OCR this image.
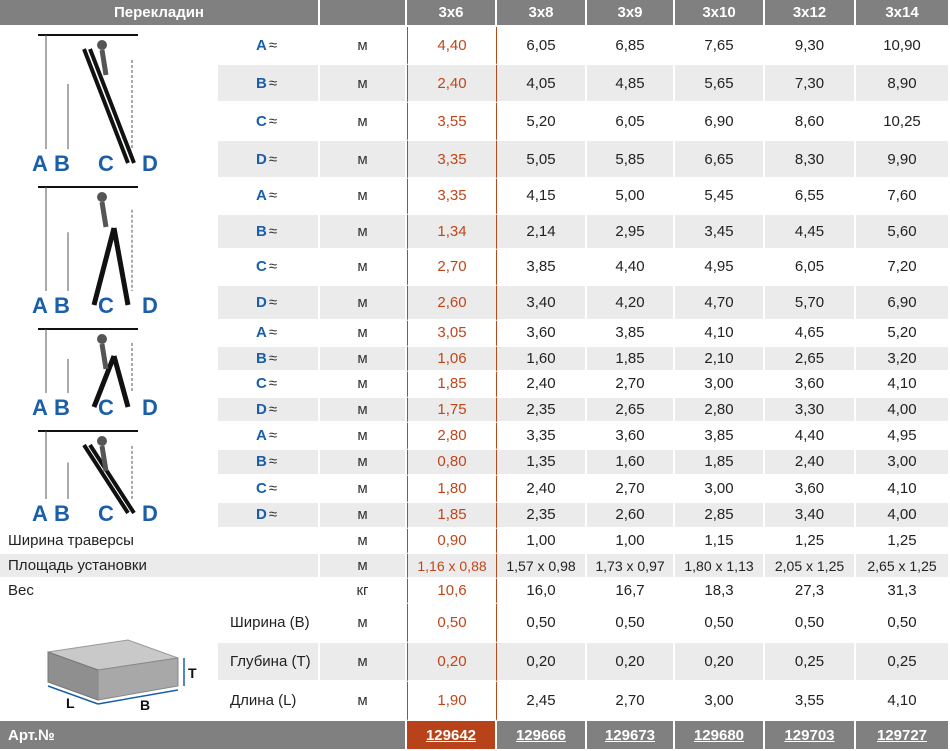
Перекладин			3x6	3x8	3x9	3x10	3x12	3x14

A B C D	A ≈	м	4,40	6,05	6,85	7,65	9,30	10,90
	B ≈	м	2,40	4,05	4,85	5,65	7,30	8,90
	C ≈	м	3,55	5,20	6,05	6,90	8,60	10,25
	D ≈	м	3,35	5,05	5,85	6,65	8,30	9,90

A B C D	A ≈	м	3,35	4,15	5,00	5,45	6,55	7,60
	B ≈	м	1,34	2,14	2,95	3,45	4,45	5,60
	C ≈	м	2,70	3,85	4,40	4,95	6,05	7,20
	D ≈	м	2,60	3,40	4,20	4,70	5,70	6,90

A B C D	A ≈	м	3,05	3,60	3,85	4,10	4,65	5,20
	B ≈	м	1,06	1,60	1,85	2,10	2,65	3,20
	C ≈	м	1,85	2,40	2,70	3,00	3,60	4,10
	D ≈	м	1,75	2,35	2,65	2,80	3,30	4,00

A B C D	A ≈	м	2,80	3,35	3,60	3,85	4,40	4,95
	B ≈	м	0,80	1,35	1,60	1,85	2,40	3,00
	C ≈	м	1,80	2,40	2,70	3,00	3,60	4,10
	D ≈	м	1,85	2,35	2,60	2,85	3,40	4,00
Ширина траверсы		м	0,90	1,00	1,00	1,15	1,25	1,25
Площадь установки		м	1,16 x 0,88	1,57 x 0,98	1,73 x 0,97	1,80 x 1,13	2,05 x 1,25	2,65 x 1,25
Вес		кг	10,6	16,0	16,7	18,3	27,3	31,3

T
L B	Ширина (B)	м	0,50	0,50	0,50	0,50	0,50	0,50
	Глубина (T)	м	0,20	0,20	0,20	0,20	0,25	0,25
	Длина (L)	м	1,90	2,45	2,70	3,00	3,55	4,10
Арт.№			129642	129666	129673	129680	129703	129727
